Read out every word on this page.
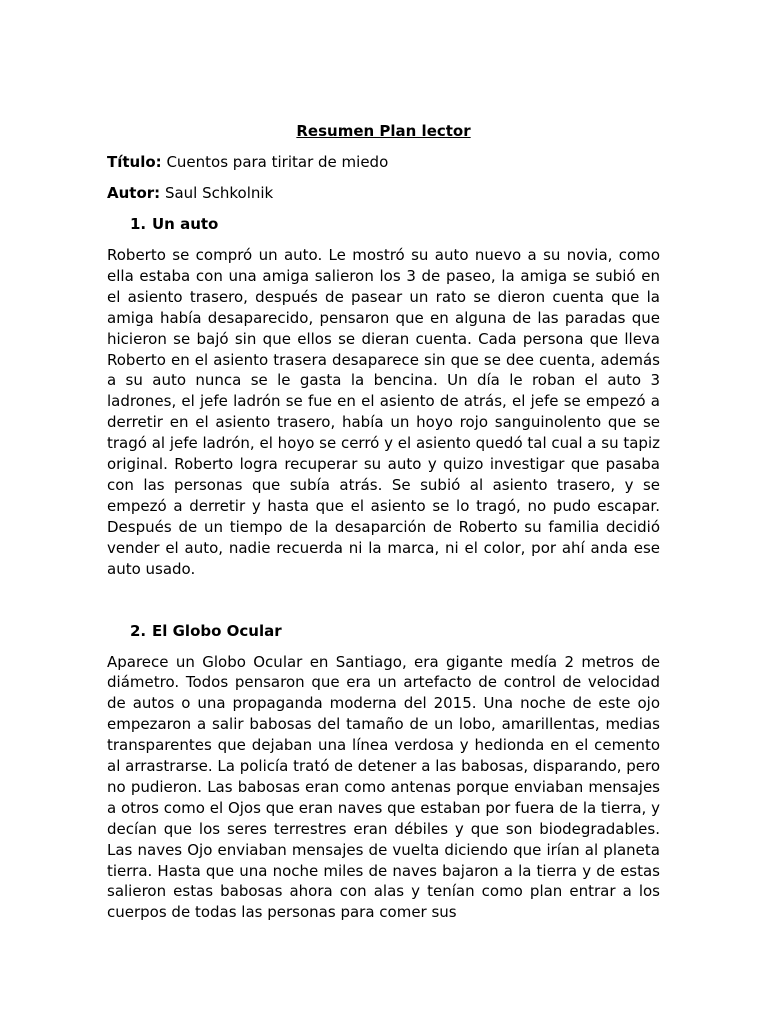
Resumen Plan lector
Título: Cuentos para tiritar de miedo
Autor: Saul Schkolnik
1. Un auto

Roberto se compró un auto. Le mostró su auto nuevo a su novia, como ella estaba con una amiga salieron los 3 de paseo, la amiga se subió en el asiento trasero, después de pasear un rato se dieron cuenta que la amiga había desaparecido, pensaron que en alguna de las paradas que hicieron se bajó sin que ellos se dieran cuenta. Cada persona que lleva Roberto en el asiento trasera desaparece sin que se dee cuenta, además a su auto nunca se le gasta la bencina. Un día le roban el auto 3 ladrones, el jefe ladrón se fue en el asiento de atrás, el jefe se empezó a derretir en el asiento trasero, había un hoyo rojo sanguinolento que se tragó al jefe ladrón, el hoyo se cerró y el asiento quedó tal cual a su tapiz original. Roberto logra recuperar su auto y quizo investigar que pasaba con las personas que subía atrás. Se subió al asiento trasero, y se empezó a derretir y hasta que el asiento se lo tragó, no pudo escapar. Después de un tiempo de la desaparción de Roberto su familia decidió vender el auto, nadie recuerda ni la marca, ni el color, por ahí anda ese auto usado.

2. El Globo Ocular

Aparece un Globo Ocular en Santiago, era gigante medía 2 metros de diámetro. Todos pensaron que era un artefacto de control de velocidad de autos o una propaganda moderna del 2015. Una noche de este ojo empezaron a salir babosas del tamaño de un lobo, amarillentas, medias transparentes que dejaban una línea verdosa y hedionda en el cemento al arrastrarse. La policía trató de detener a las babosas, disparando, pero no pudieron. Las babosas eran como antenas porque enviaban mensajes a otros como el Ojos que eran naves que estaban por fuera de la tierra, y decían que los seres terrestres eran débiles y que son biodegradables. Las naves Ojo enviaban mensajes de vuelta diciendo que irían al planeta tierra. Hasta que una noche miles de naves bajaron a la tierra y de estas salieron estas babosas ahora con alas y tenían como plan entrar a los cuerpos de todas las personas para comer sus
